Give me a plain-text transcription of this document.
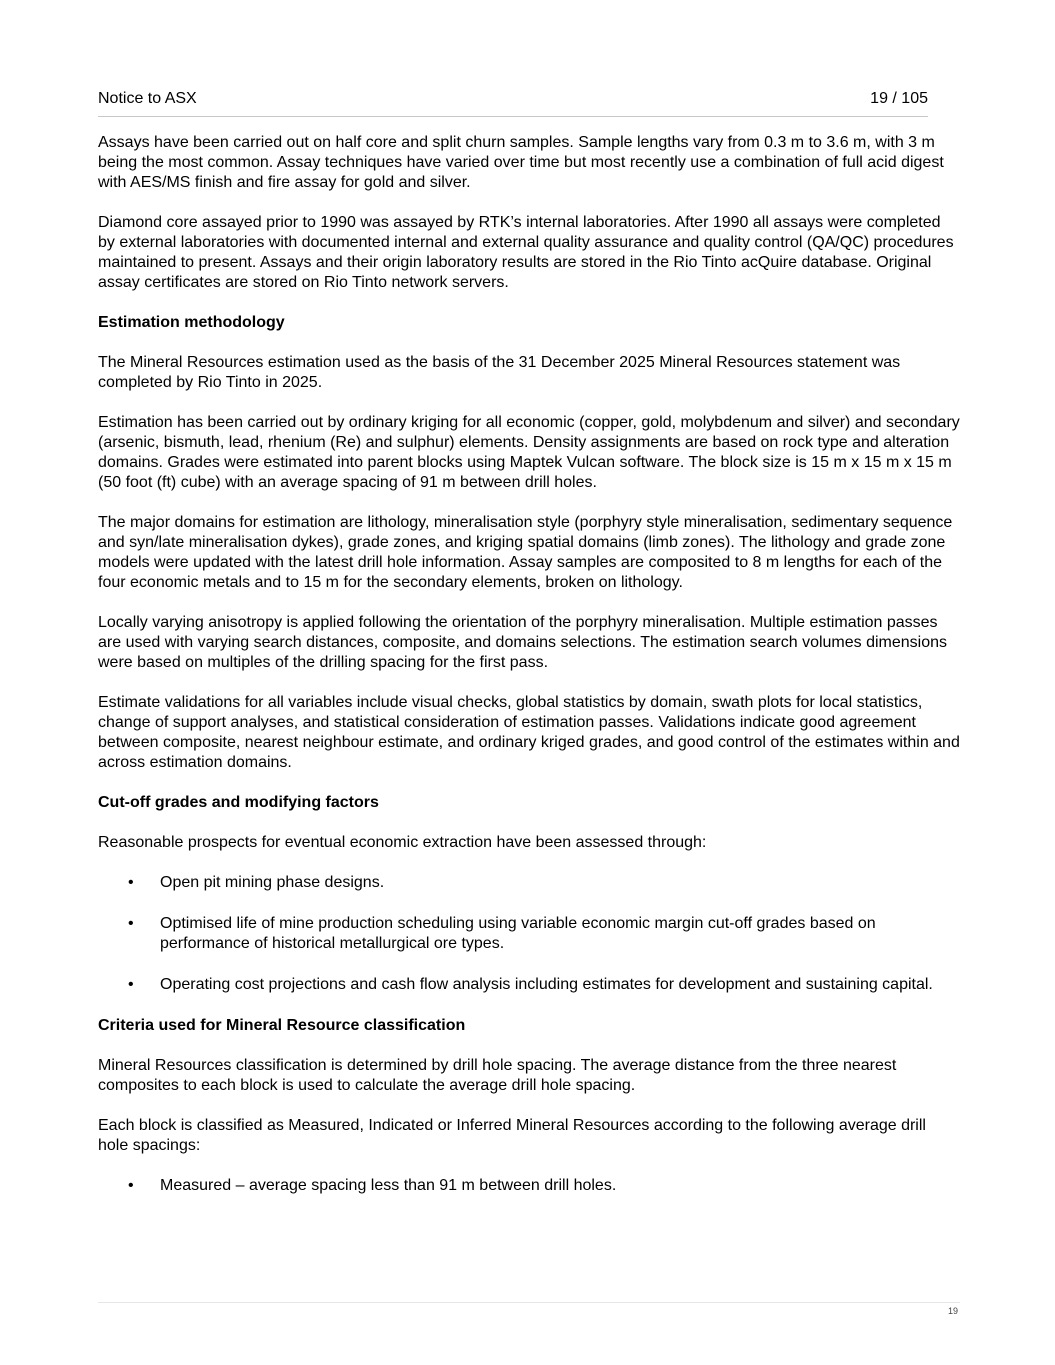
Notice to ASX	19 / 105

Assays have been carried out on half core and split churn samples. Sample lengths vary from 0.3 m to 3.6 m, with 3 m being the most common. Assay techniques have varied over time but most recently use a combination of full acid digest with AES/MS finish and fire assay for gold and silver.

Diamond core assayed prior to 1990 was assayed by RTK’s internal laboratories. After 1990 all assays were completed by external laboratories with documented internal and external quality assurance and quality control (QA/QC) procedures maintained to present. Assays and their origin laboratory results are stored in the Rio Tinto acQuire database. Original assay certificates are stored on Rio Tinto network servers.

Estimation methodology

The Mineral Resources estimation used as the basis of the 31 December 2025 Mineral Resources statement was completed by Rio Tinto in 2025.

Estimation has been carried out by ordinary kriging for all economic (copper, gold, molybdenum and silver) and secondary (arsenic, bismuth, lead, rhenium (Re) and sulphur) elements. Density assignments are based on rock type and alteration domains. Grades were estimated into parent blocks using Maptek Vulcan software. The block size is 15 m x 15 m x 15 m (50 foot (ft) cube) with an average spacing of 91 m between drill holes.

The major domains for estimation are lithology, mineralisation style (porphyry style mineralisation, sedimentary sequence and syn/late mineralisation dykes), grade zones, and kriging spatial domains (limb zones). The lithology and grade zone models were updated with the latest drill hole information. Assay samples are composited to 8 m lengths for each of the four economic metals and to 15 m for the secondary elements, broken on lithology.

Locally varying anisotropy is applied following the orientation of the porphyry mineralisation. Multiple estimation passes are used with varying search distances, composite, and domains selections. The estimation search volumes dimensions were based on multiples of the drilling spacing for the first pass.

Estimate validations for all variables include visual checks, global statistics by domain, swath plots for local statistics, change of support analyses, and statistical consideration of estimation passes. Validations indicate good agreement between composite, nearest neighbour estimate, and ordinary kriged grades, and good control of the estimates within and across estimation domains.

Cut-off grades and modifying factors

Reasonable prospects for eventual economic extraction have been assessed through:

• Open pit mining phase designs.
• Optimised life of mine production scheduling using variable economic margin cut-off grades based on performance of historical metallurgical ore types.
• Operating cost projections and cash flow analysis including estimates for development and sustaining capital.
Criteria used for Mineral Resource classification

Mineral Resources classification is determined by drill hole spacing. The average distance from the three nearest composites to each block is used to calculate the average drill hole spacing.

Each block is classified as Measured, Indicated or Inferred Mineral Resources according to the following average drill hole spacings:

• Measured – average spacing less than 91 m between drill holes.
19
